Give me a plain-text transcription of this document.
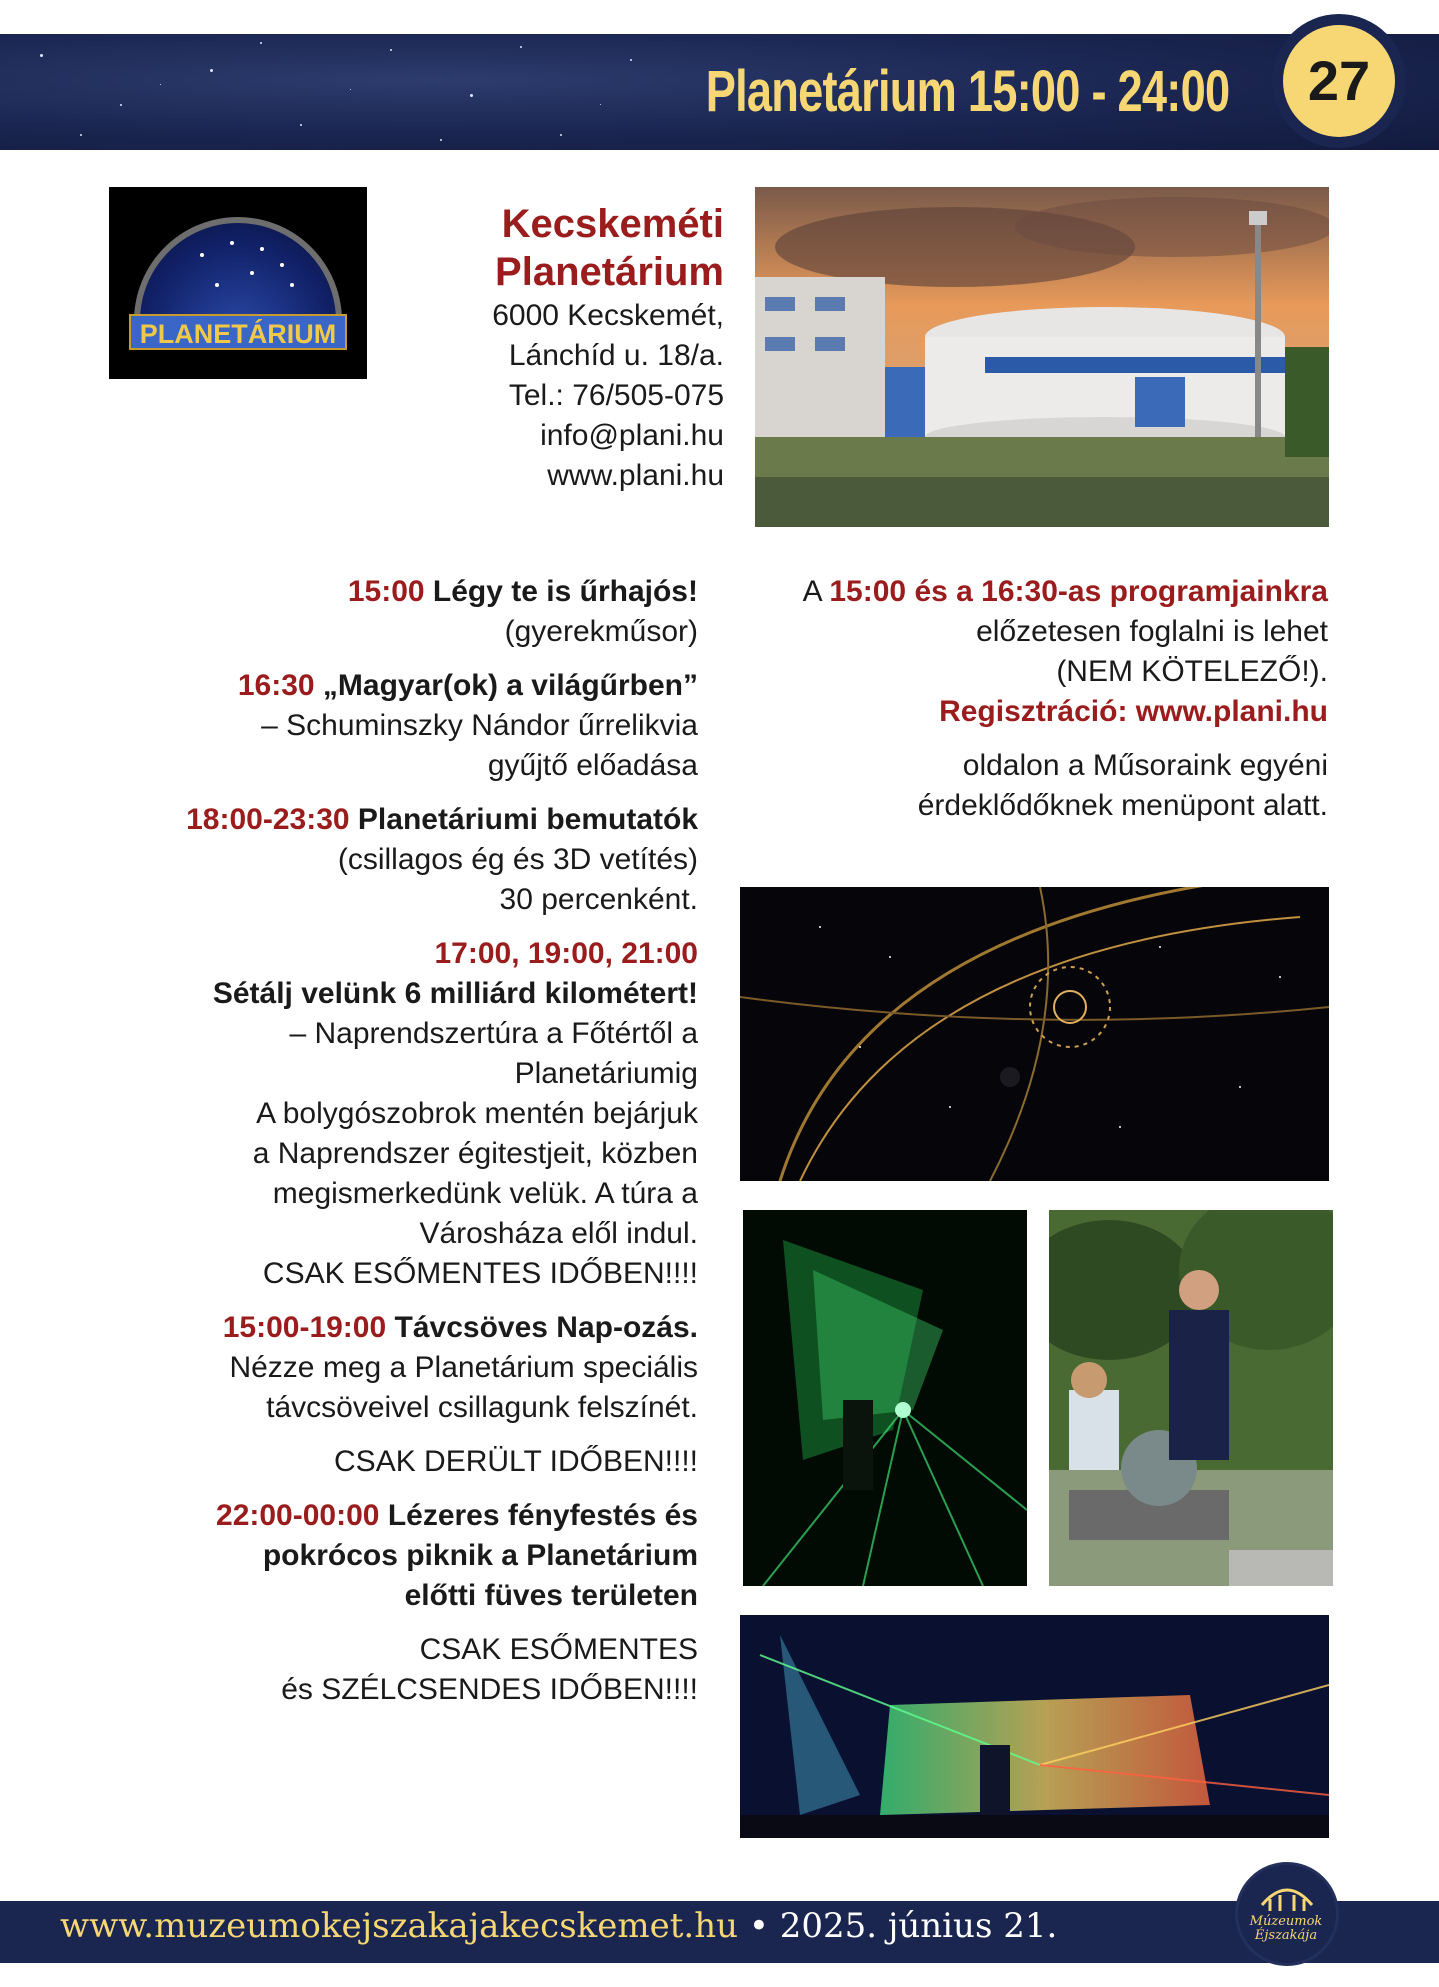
Planetárium 15:00 - 24:00	27
PLANETÁRIUM
Kecskeméti
Planetárium
6000 Kecskemét,
Lánchíd u. 18/a.
Tel.: 76/505-075
info@plani.hu
www.plani.hu
15:00 Légy te is űrhajós!
(gyerekműsor)
16:30 „Magyar(ok) a világűrben”
– Schuminszky Nándor űrrelikvia
gyűjtő előadása
18:00-23:30 Planetáriumi bemutatók
(csillagos ég és 3D vetítés)
30 percenként.
17:00, 19:00, 21:00
Sétálj velünk 6 milliárd kilométert!
– Naprendszertúra a Főtértől a
Planetáriumig
A bolygószobrok mentén bejárjuk
a Naprendszer égitestjeit, közben
megismerkedünk velük. A túra a
Városháza elől indul.
CSAK ESŐMENTES IDŐBEN!!!!
15:00-19:00 Távcsöves Nap-ozás.
Nézze meg a Planetárium speciális
távcsöveivel csillagunk felszínét.
CSAK DERÜLT IDŐBEN!!!!
22:00-00:00 Lézeres fényfestés és
pokrócos piknik a Planetárium
előtti füves területen
CSAK ESŐMENTES
és SZÉLCSENDES IDŐBEN!!!!
A 15:00 és a 16:30-as programjainkra
előzetesen foglalni is lehet
(NEM KÖTELEZŐ!).
Regisztráció: www.plani.hu
oldalon a Műsoraink egyéni
érdeklődőknek menüpont alatt.
www.muzeumokejszakajakecskemet.hu • 2025. június 21.	Múzeumok
Éjszakája
